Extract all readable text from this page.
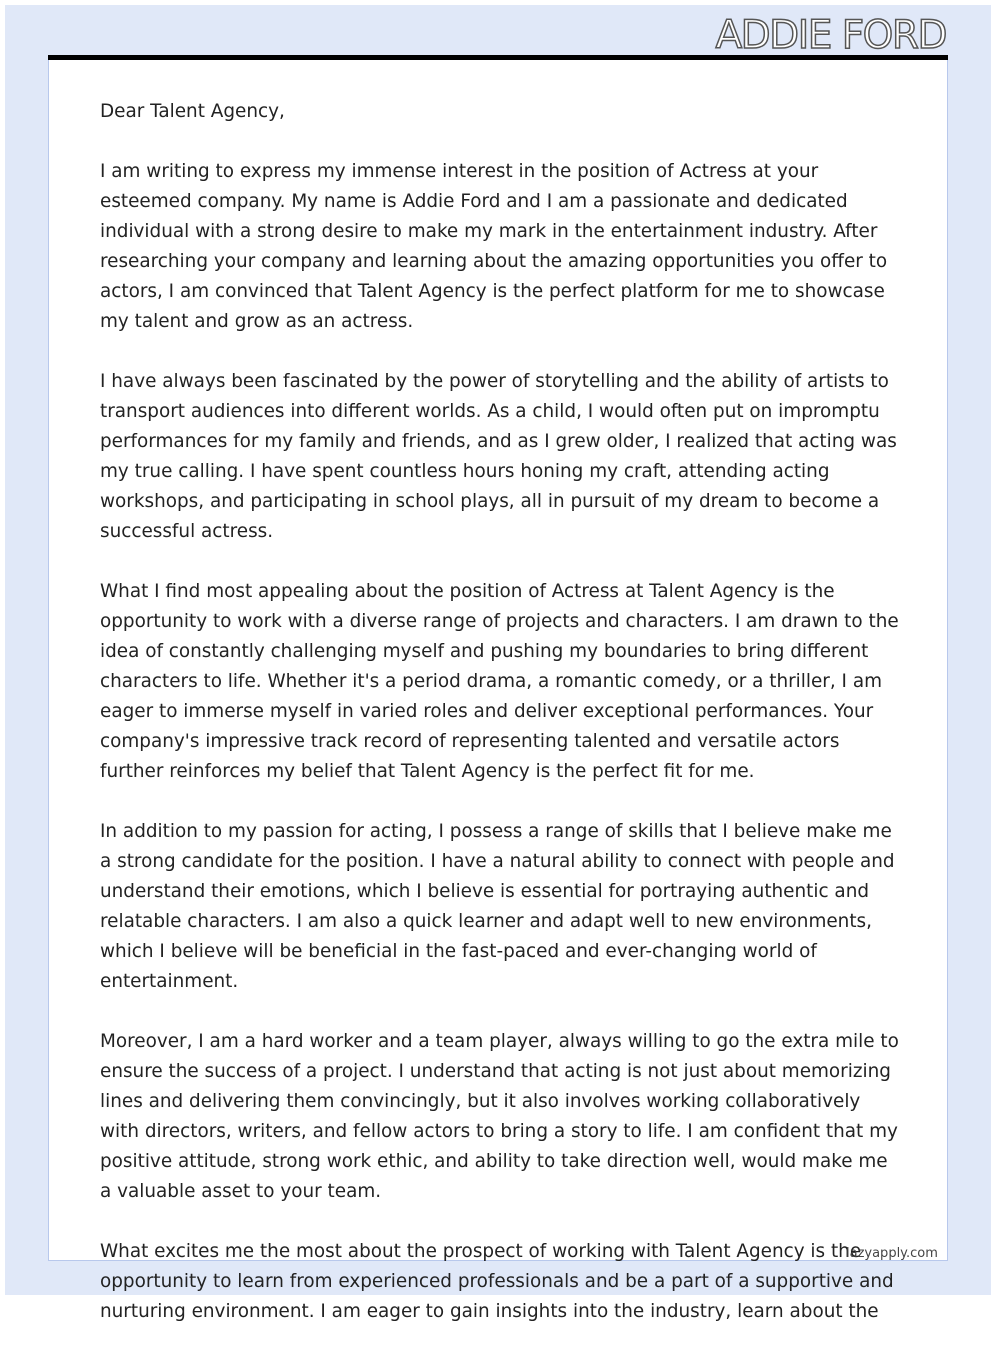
ADDIE FORD

Dear Talent Agency,

I am writing to express my immense interest in the position of Actress at your esteemed company. My name is Addie Ford and I am a passionate and dedicated individual with a strong desire to make my mark in the entertainment industry. After researching your company and learning about the amazing opportunities you offer to actors, I am convinced that Talent Agency is the perfect platform for me to showcase my talent and grow as an actress.

I have always been fascinated by the power of storytelling and the ability of artists to transport audiences into different worlds. As a child, I would often put on impromptu performances for my family and friends, and as I grew older, I realized that acting was my true calling. I have spent countless hours honing my craft, attending acting workshops, and participating in school plays, all in pursuit of my dream to become a successful actress.

What I find most appealing about the position of Actress at Talent Agency is the opportunity to work with a diverse range of projects and characters. I am drawn to the idea of constantly challenging myself and pushing my boundaries to bring different characters to life. Whether it's a period drama, a romantic comedy, or a thriller, I am eager to immerse myself in varied roles and deliver exceptional performances. Your company's impressive track record of representing talented and versatile actors further reinforces my belief that Talent Agency is the perfect fit for me.

In addition to my passion for acting, I possess a range of skills that I believe make me a strong candidate for the position. I have a natural ability to connect with people and understand their emotions, which I believe is essential for portraying authentic and relatable characters. I am also a quick learner and adapt well to new environments, which I believe will be beneficial in the fast-paced and ever-changing world of entertainment.

Moreover, I am a hard worker and a team player, always willing to go the extra mile to ensure the success of a project. I understand that acting is not just about memorizing lines and delivering them convincingly, but it also involves working collaboratively with directors, writers, and fellow actors to bring a story to life. I am confident that my positive attitude, strong work ethic, and ability to take direction well, would make me a valuable asset to your team.

What excites me the most about the prospect of working with Talent Agency is the opportunity to learn from experienced professionals and be a part of a supportive and nurturing environment. I am eager to gain insights into the industry, learn about the

lazyapply.com
